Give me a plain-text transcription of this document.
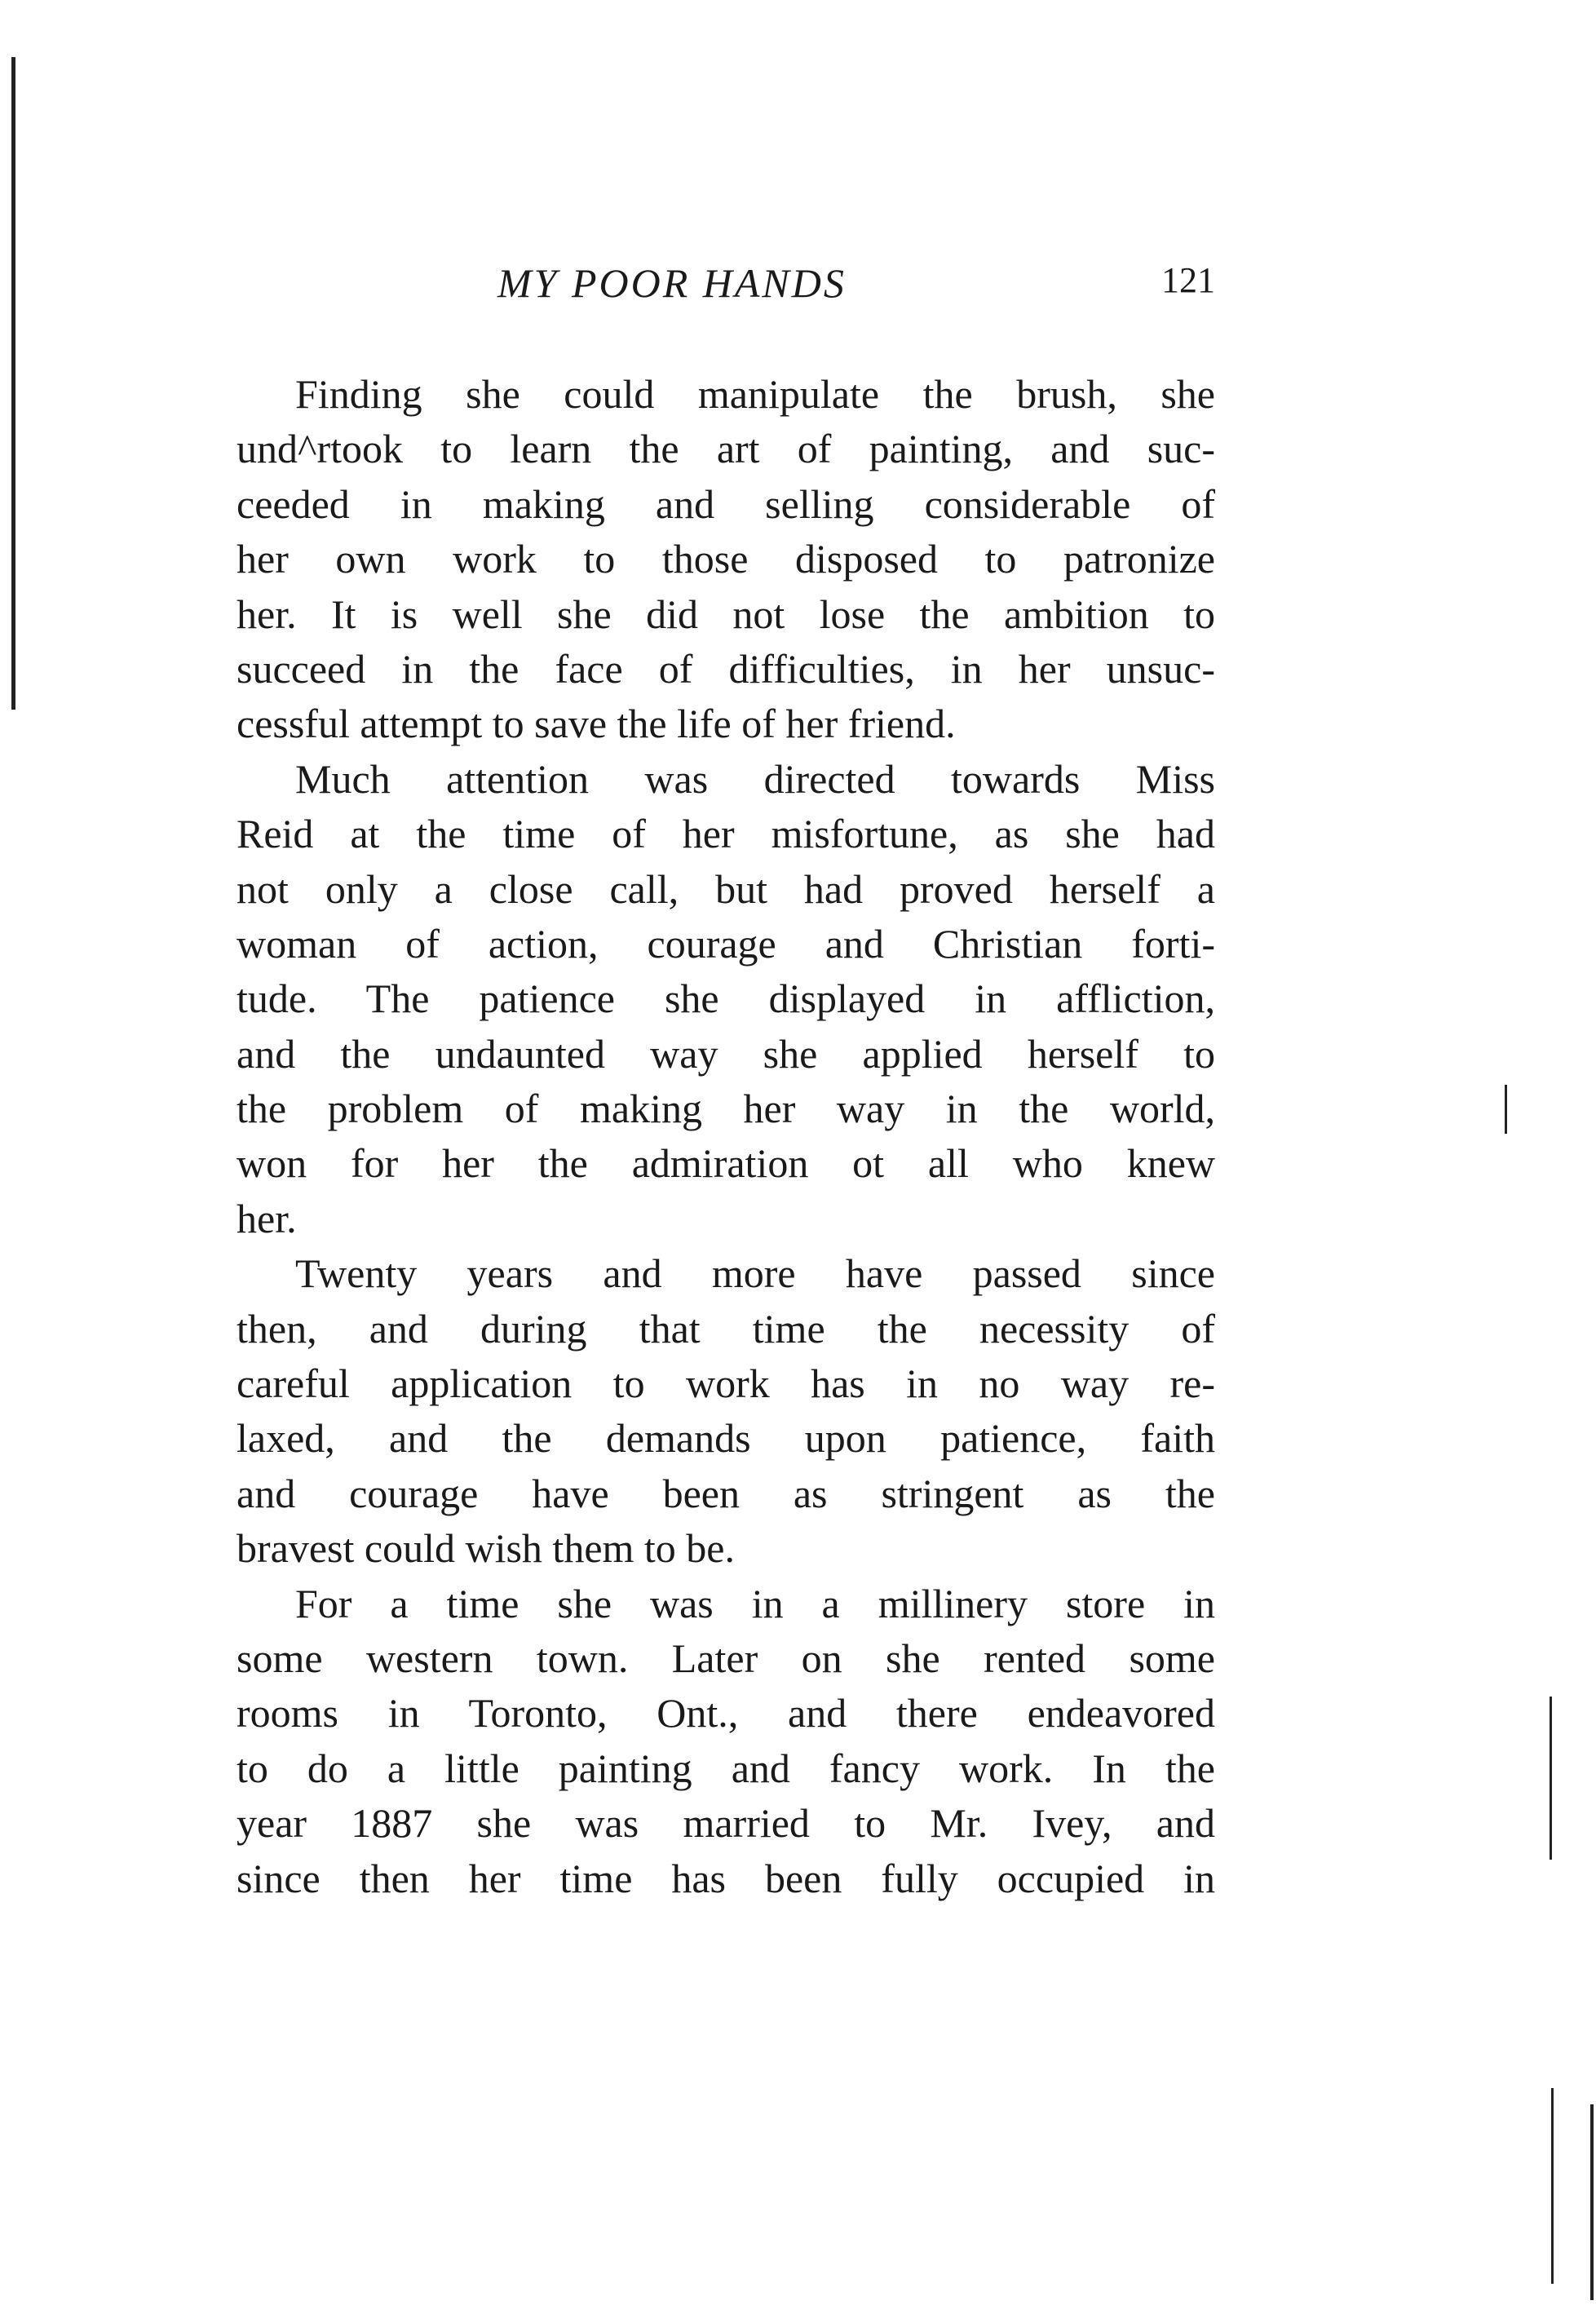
MY POOR HANDS	121
Finding she could manipulate the brush, she
und^rtook to learn the art of painting, and suc-
ceeded in making and selling considerable of
her own work to those disposed to patronize
her. It is well she did not lose the ambition to
succeed in the face of difficulties, in her unsuc-
cessful attempt to save the life of her friend.
Much attention was directed towards Miss
Reid at the time of her misfortune, as she had
not only a close call, but had proved herself a
woman of action, courage and Christian forti-
tude. The patience she displayed in affliction,
and the undaunted way she applied herself to
the problem of making her way in the world,
won for her the admiration ot all who knew
her.
Twenty years and more have passed since
then, and during that time the necessity of
careful application to work has in no way re-
laxed, and the demands upon patience, faith
and courage have been as stringent as the
bravest could wish them to be.
For a time she was in a millinery store in
some western town. Later on she rented some
rooms in Toronto, Ont., and there endeavored
to do a little painting and fancy work. In the
year 1887 she was married to Mr. Ivey, and
since then her time has been fully occupied in
